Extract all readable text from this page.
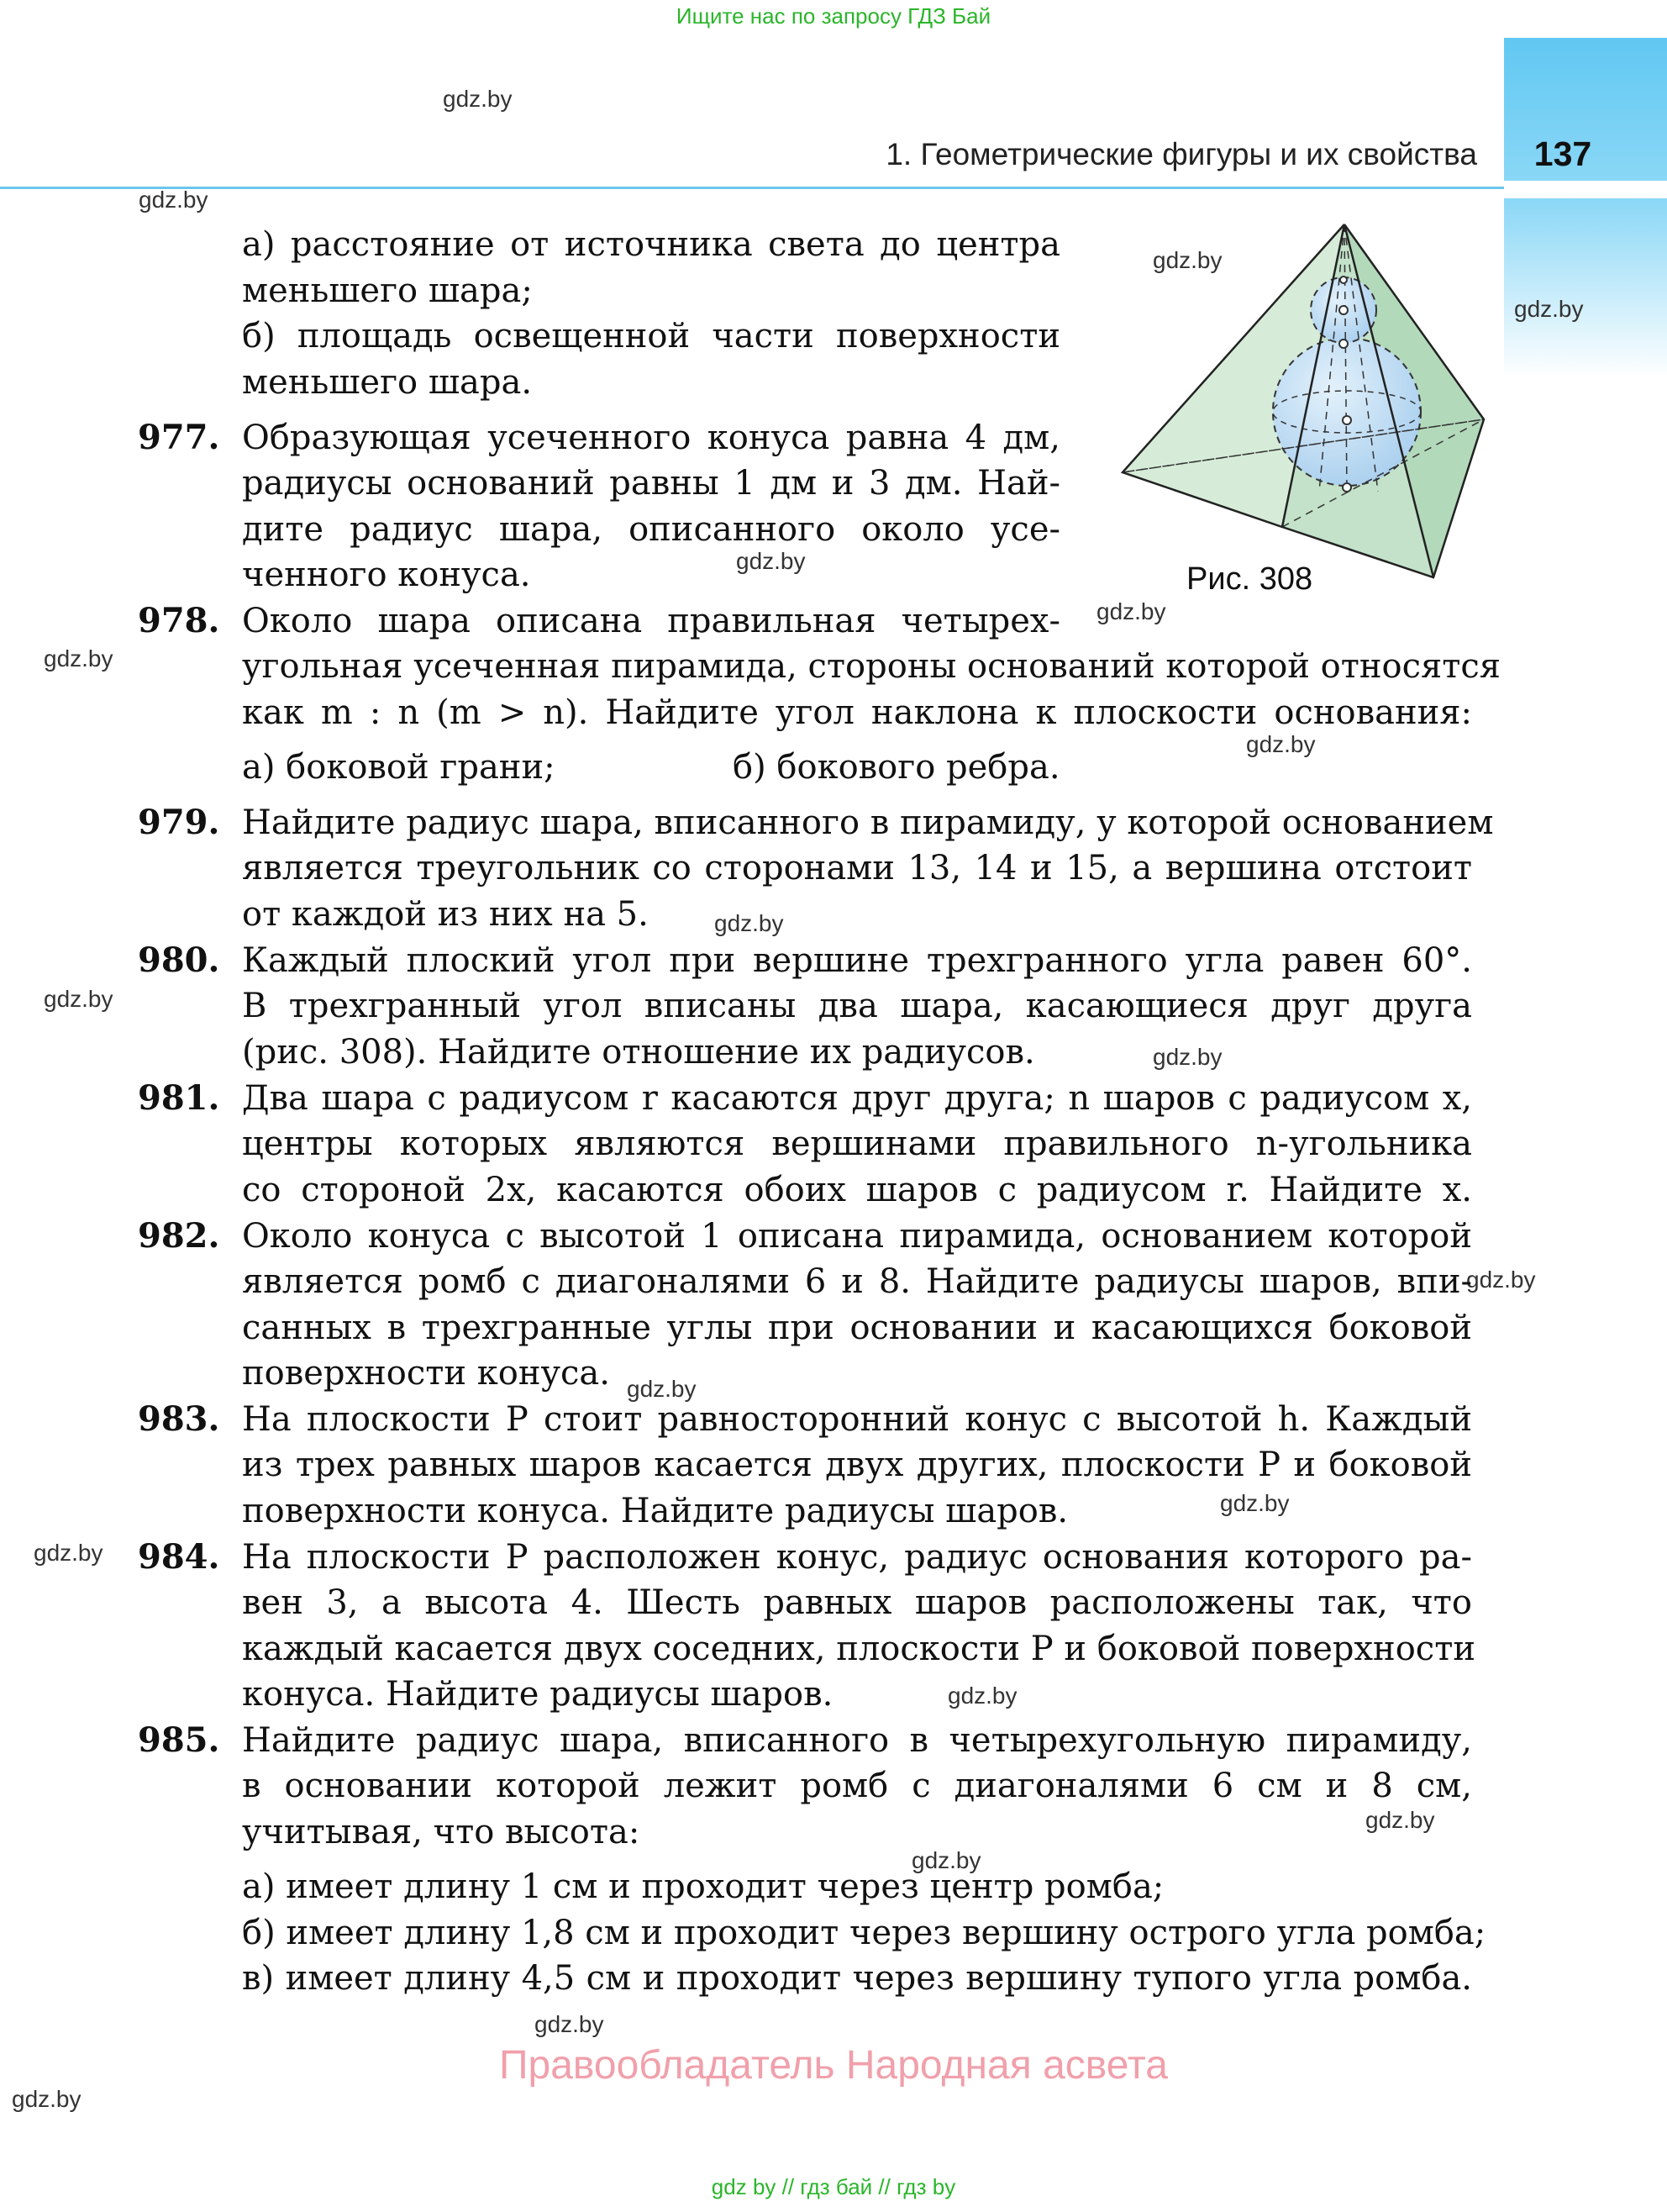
Ищите нас по запросу ГДЗ Бай
1. Геометрические фигуры и их свойства	137
gdz.by
gdz.by
gdz.by
gdz.by
gdz.by
gdz.by
gdz.by
gdz.by
gdz.by
gdz.by
gdz.by
gdz.by
gdz.by
gdz.by
gdz.by
gdz.by
gdz.by
gdz.by
gdz.by
gdz.by
Рис. 308
а) расстояние от источника света до центра
меньшего шара;
б) площадь освещенной части поверхности
меньшего шара.
977. Образующая усеченного конуса равна 4 дм,
радиусы оснований равны 1 дм и 3 дм. Най-
дите радиус шара, описанного около усе-
ченного конуса.
978. Около шара описана правильная четырех-
угольная усеченная пирамида, стороны оснований которой относятся
как m : n (m > n). Найдите угол наклона к плоскости основания:
а) боковой грани;	б) бокового ребра.
979. Найдите радиус шара, вписанного в пирамиду, у которой основанием
является треугольник со сторонами 13, 14 и 15, а вершина отстоит
от каждой из них на 5.
980. Каждый плоский угол при вершине трехгранного угла равен 60°.
В трехгранный угол вписаны два шара, касающиеся друг друга
(рис. 308). Найдите отношение их радиусов.
981. Два шара с радиусом r касаются друг друга; n шаров с радиусом x,
центры которых являются вершинами правильного n-угольника
со стороной 2x, касаются обоих шаров с радиусом r. Найдите x.
982. Около конуса с высотой 1 описана пирамида, основанием которой
является ромб с диагоналями 6 и 8. Найдите радиусы шаров, впи-
санных в трехгранные углы при основании и касающихся боковой
поверхности конуса.
983. На плоскости P стоит равносторонний конус с высотой h. Каждый
из трех равных шаров касается двух других, плоскости P и боковой
поверхности конуса. Найдите радиусы шаров.
984. На плоскости P расположен конус, радиус основания которого ра-
вен 3, а высота 4. Шесть равных шаров расположены так, что
каждый касается двух соседних, плоскости P и боковой поверхности
конуса. Найдите радиусы шаров.
985. Найдите радиус шара, вписанного в четырехугольную пирамиду,
в основании которой лежит ромб с диагоналями 6 см и 8 см,
учитывая, что высота:
а) имеет длину 1 см и проходит через центр ромба;
б) имеет длину 1,8 см и проходит через вершину острого угла ромба;
в) имеет длину 4,5 см и проходит через вершину тупого угла ромба.
Правообладатель Народная асвета
gdz by // гдз бай // гдз by
